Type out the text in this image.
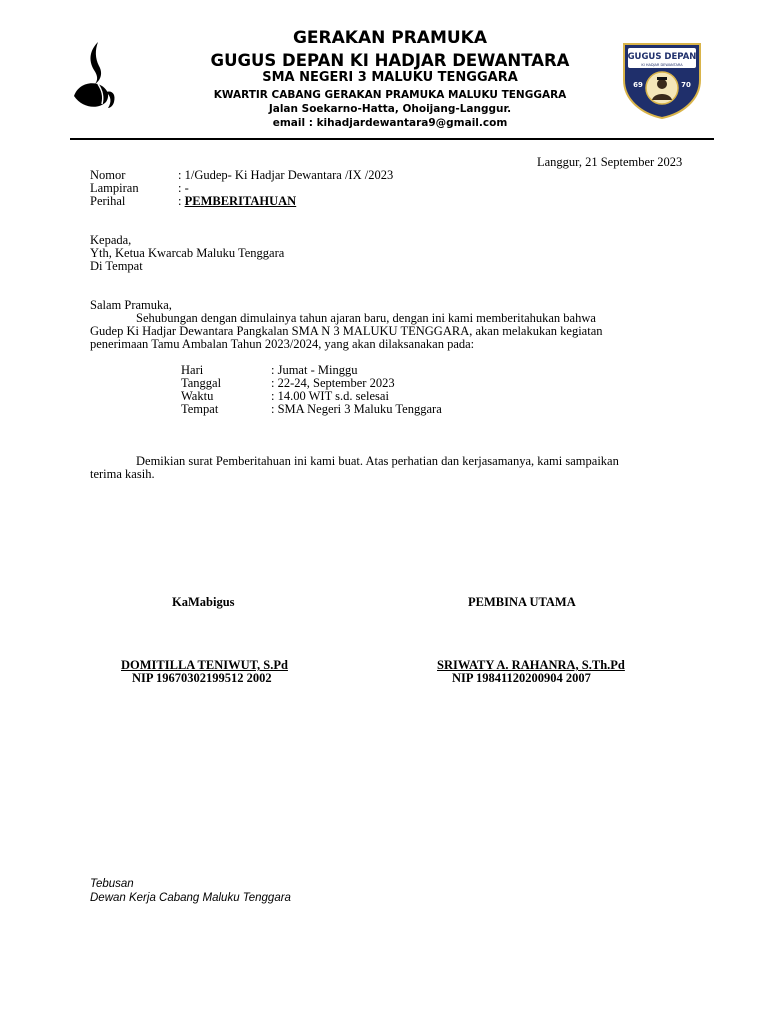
GERAKAN PRAMUKA
GUGUS DEPAN KI HADJAR DEWANTARA
SMA NEGERI 3 MALUKU TENGGARA
KWARTIR CABANG GERAKAN PRAMUKA MALUKU TENGGARA
Jalan Soekarno-Hatta, Ohoijang-Langgur.
email : kihadjardewantara9@gmail.com
GUGUS DEPAN
KI HADJAR DEWANTARA
69	70
Langgur, 21 September 2023
Nomor	: 1/Gudep- Ki Hadjar Dewantara /IX /2023
Lampiran	: -
Perihal	: PEMBERITAHUAN
Kepada,
Yth, Ketua Kwarcab Maluku Tenggara
Di Tempat
Salam Pramuka,
Sehubungan dengan dimulainya tahun ajaran baru, dengan ini kami memberitahukan bahwa
Gudep Ki Hadjar Dewantara Pangkalan SMA N 3 MALUKU TENGGARA, akan melakukan kegiatan
penerimaan Tamu Ambalan Tahun 2023/2024, yang akan dilaksanakan pada:
Hari	: Jumat - Minggu
Tanggal	: 22-24, September 2023
Waktu	: 14.00 WIT s.d. selesai
Tempat	: SMA Negeri 3 Maluku Tenggara
Demikian surat Pemberitahuan ini kami buat. Atas perhatian dan kerjasamanya, kami sampaikan
terima kasih.
KaMabigus	PEMBINA UTAMA
DOMITILLA TENIWUT, S.Pd
NIP 19670302199512 2002
SRIWATY A. RAHANRA, S.Th.Pd
NIP 19841120200904 2007
Tebusan
Dewan Kerja Cabang Maluku Tenggara
